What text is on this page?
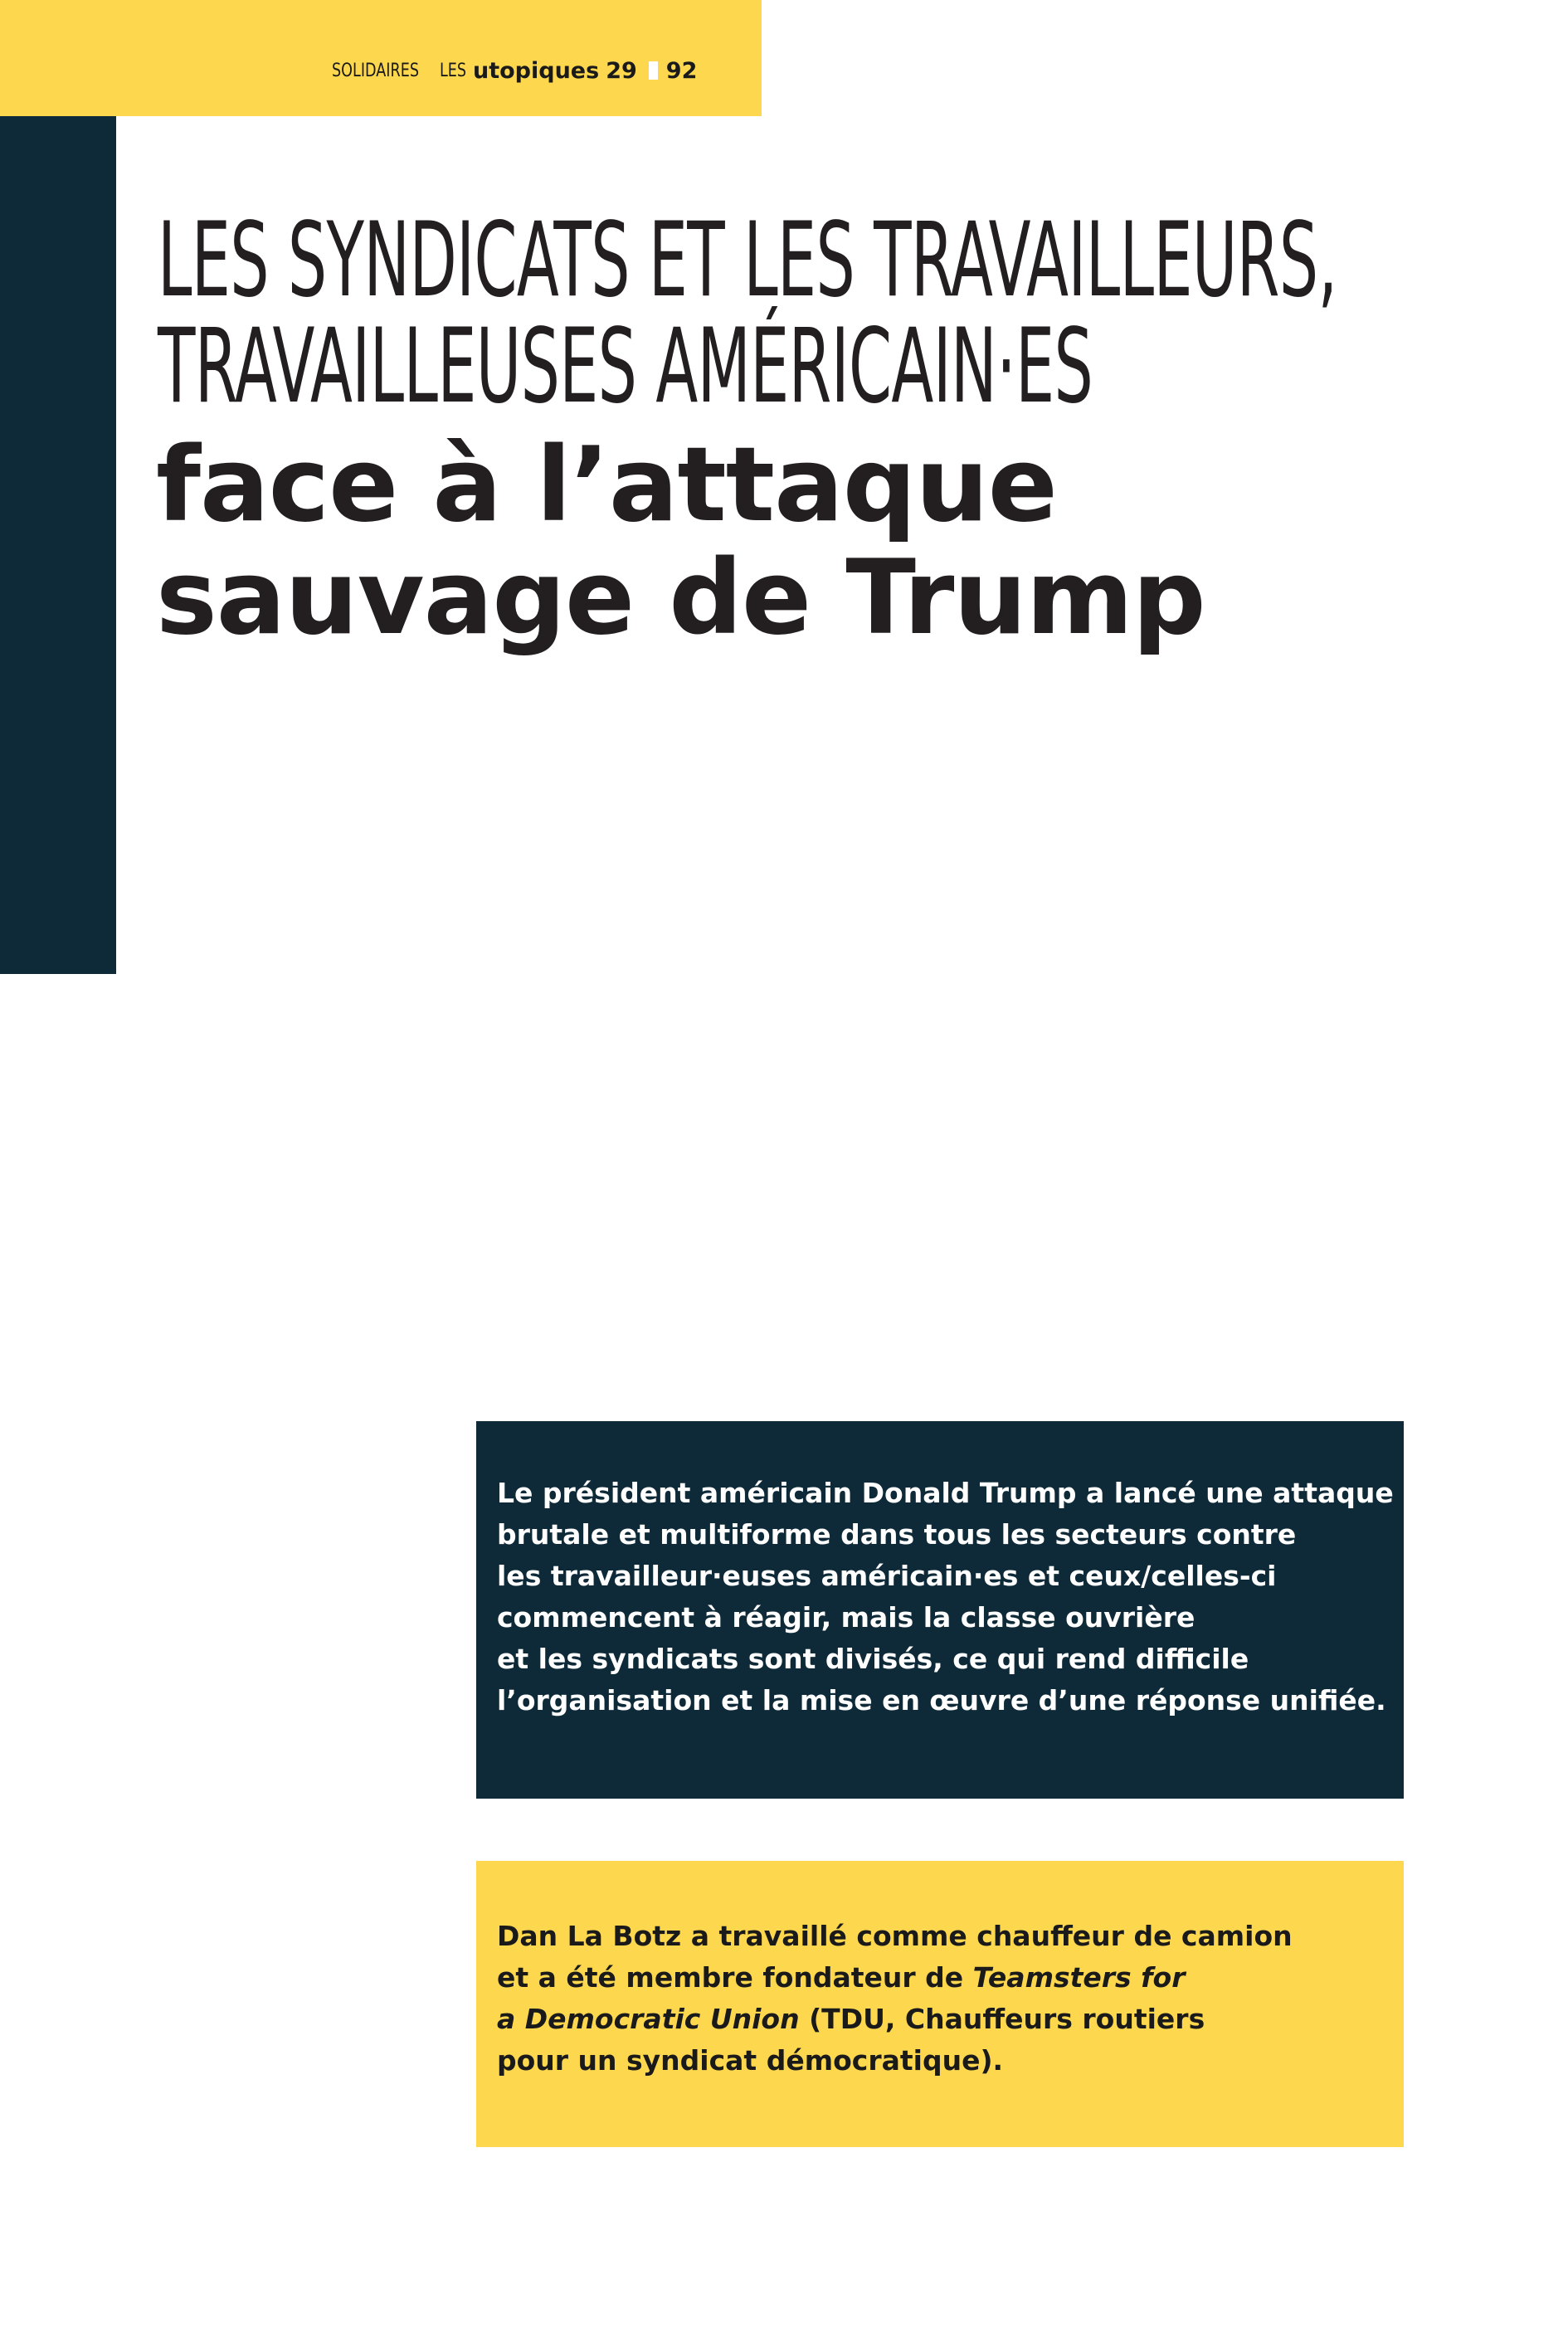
SOLIDAIRES LES utopiques 29 92
LES SYNDICATS ET LES TRAVAILLEURS,
TRAVAILLEUSES AMÉRICAIN·ES
face à l’attaque
sauvage de Trump
Le président américain Donald Trump a lancé une attaque
brutale et multiforme dans tous les secteurs contre
les travailleur·euses américain·es et ceux/celles-ci
commencent à réagir, mais la classe ouvrière
et les syndicats sont divisés, ce qui rend difficile
l’organisation et la mise en œuvre d’une réponse unifiée.
Dan La Botz a travaillé comme chauffeur de camion
et a été membre fondateur de Teamsters for
a Democratic Union (TDU, Chauffeurs routiers
pour un syndicat démocratique).
